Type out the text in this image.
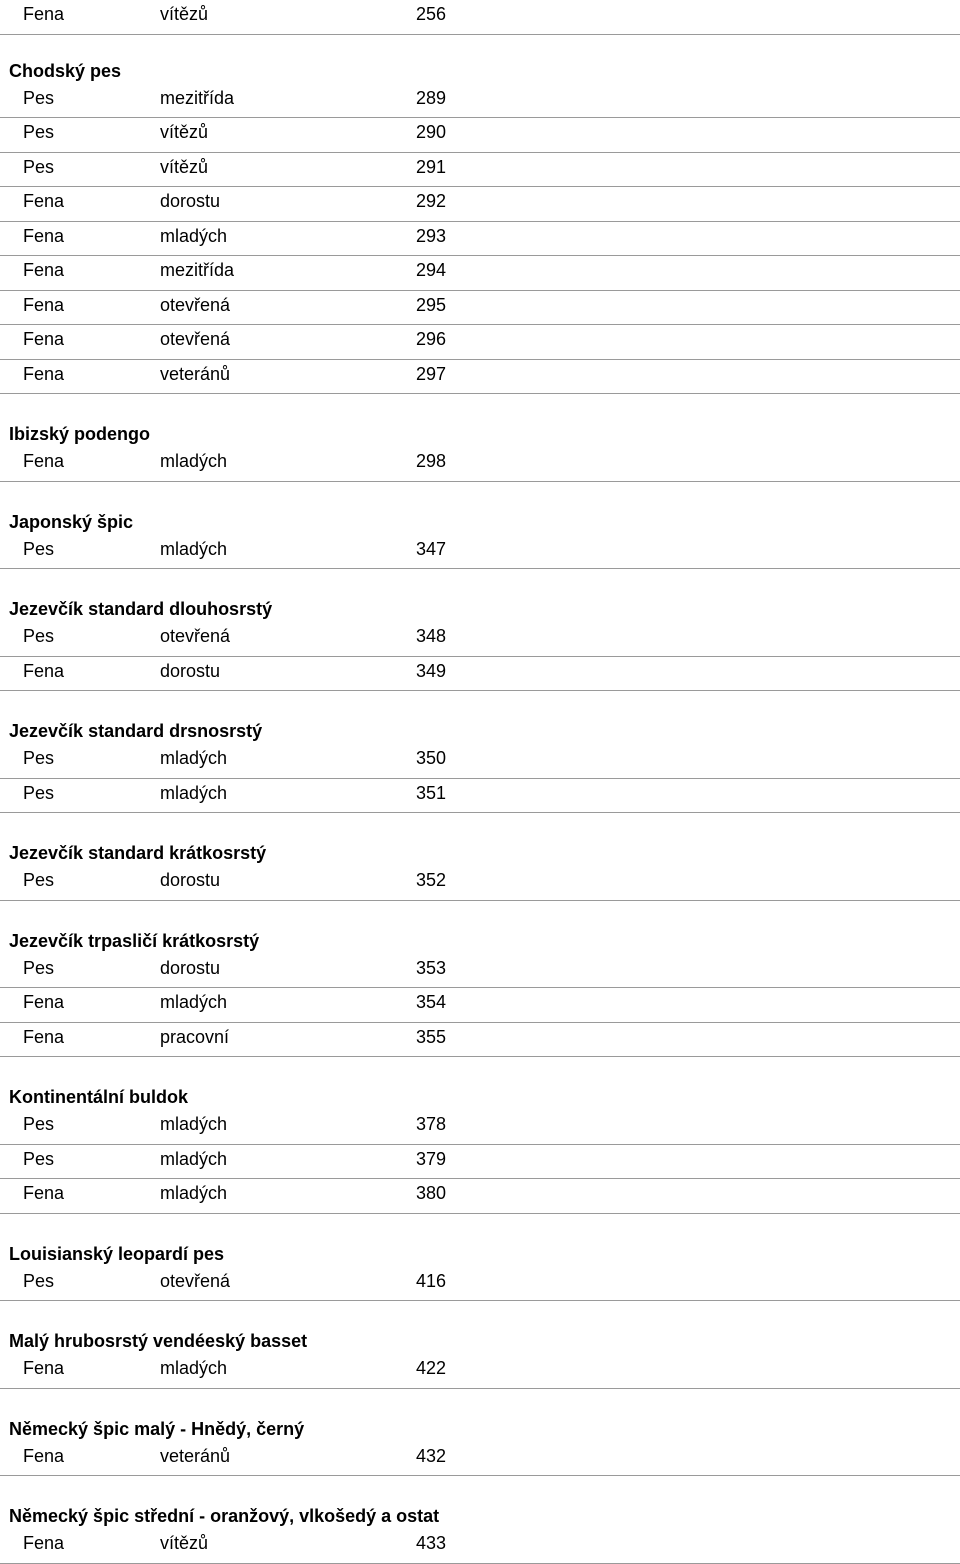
Fena	vítězů	256
Chodský pes
Pes	mezitřída	289
Pes	vítězů	290
Pes	vítězů	291
Fena	dorostu	292
Fena	mladých	293
Fena	mezitřída	294
Fena	otevřená	295
Fena	otevřená	296
Fena	veteránů	297
Ibizský podengo
Fena	mladých	298
Japonský špic
Pes	mladých	347
Jezevčík standard dlouhosrstý
Pes	otevřená	348
Fena	dorostu	349
Jezevčík standard drsnosrstý
Pes	mladých	350
Pes	mladých	351
Jezevčík standard krátkosrstý
Pes	dorostu	352
Jezevčík trpasličí krátkosrstý
Pes	dorostu	353
Fena	mladých	354
Fena	pracovní	355
Kontinentální buldok
Pes	mladých	378
Pes	mladých	379
Fena	mladých	380
Louisianský leopardí pes
Pes	otevřená	416
Malý hrubosrstý vendéeský basset
Fena	mladých	422
Německý špic malý - Hnědý, černý
Fena	veteránů	432
Německý špic střední - oranžový, vlkošedý a ostat
Fena	vítězů	433
